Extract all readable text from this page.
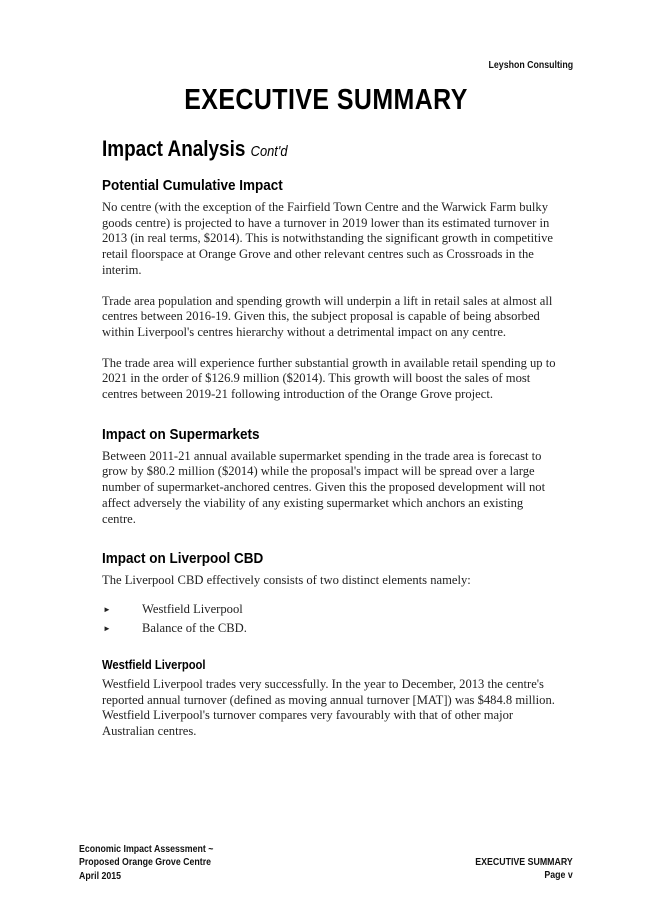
Leyshon Consulting
EXECUTIVE SUMMARY
Impact Analysis Cont'd
Potential Cumulative Impact

No centre (with the exception of the Fairfield Town Centre and the Warwick Farm bulky goods centre) is projected to have a turnover in 2019 lower than its estimated turnover in 2013 (in real terms, $2014). This is notwithstanding the significant growth in competitive retail floorspace at Orange Grove and other relevant centres such as Crossroads in the interim.

Trade area population and spending growth will underpin a lift in retail sales at almost all centres between 2016-19. Given this, the subject proposal is capable of being absorbed within Liverpool's centres hierarchy without a detrimental impact on any centre.

The trade area will experience further substantial growth in available retail spending up to 2021 in the order of $126.9 million ($2014). This growth will boost the sales of most centres between 2019-21 following introduction of the Orange Grove project.

Impact on Supermarkets

Between 2011-21 annual available supermarket spending in the trade area is forecast to grow by $80.2 million ($2014) while the proposal's impact will be spread over a large number of supermarket-anchored centres. Given this the proposed development will not affect adversely the viability of any existing supermarket which anchors an existing centre.

Impact on Liverpool CBD

The Liverpool CBD effectively consists of two distinct elements namely:

► Westfield Liverpool
► Balance of the CBD.
Westfield Liverpool

Westfield Liverpool trades very successfully. In the year to December, 2013 the centre's reported annual turnover (defined as moving annual turnover [MAT]) was $484.8 million. Westfield Liverpool's turnover compares very favourably with that of other major Australian centres.

Economic Impact Assessment ~
Proposed Orange Grove Centre
April 2015
EXECUTIVE SUMMARY
Page v
